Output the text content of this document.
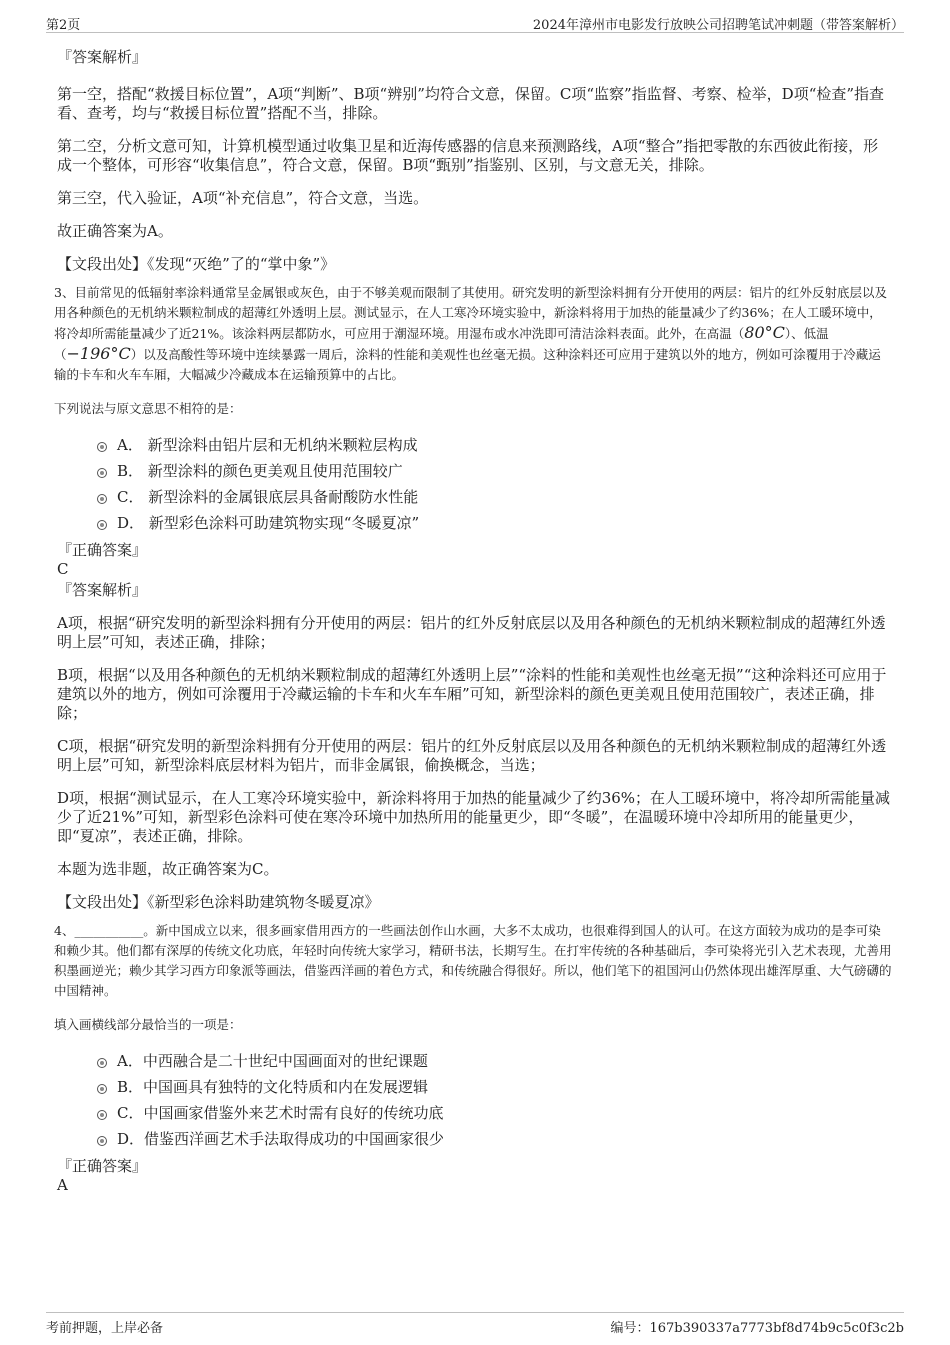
第2页	2024年漳州市电影发行放映公司招聘笔试冲刺题（带答案解析）

『答案解析』

第一空，搭配“救援目标位置”，A项“判断”、B项“辨别”均符合文意，保留。C项“监察”指监督、考察、检举，D项“检查”指查看、查考，均与“救援目标位置”搭配不当，排除。

第二空，分析文意可知，计算机模型通过收集卫星和近海传感器的信息来预测路线，A项“整合”指把零散的东西彼此衔接，形成一个整体，可形容“收集信息”，符合文意，保留。B项“甄别”指鉴别、区别，与文意无关，排除。

第三空，代入验证，A项“补充信息”，符合文意，当选。

故正确答案为A。

【文段出处】《发现“灭绝”了的“掌中象”》

3、目前常见的低辐射率涂料通常呈金属银或灰色，由于不够美观而限制了其使用。研究发明的新型涂料拥有分开使用的两层：铝片的红外反射底层以及用各种颜色的无机纳米颗粒制成的超薄红外透明上层。测试显示，在人工寒冷环境实验中，新涂料将用于加热的能量减少了约36%；在人工暖环境中，将冷却所需能量减少了近21%。该涂料两层都防水，可应用于潮湿环境。用湿布或水冲洗即可清洁涂料表面。此外，在高温（80°C）、低温（−196°C）以及高酸性等环境中连续暴露一周后，涂料的性能和美观性也丝毫无损。这种涂料还可应用于建筑以外的地方，例如可涂覆用于冷藏运输的卡车和火车车厢，大幅减少冷藏成本在运输预算中的占比。

下列说法与原文意思不相符的是：

A． 新型涂料由铝片层和无机纳米颗粒层构成
B． 新型涂料的颜色更美观且使用范围较广
C． 新型涂料的金属银底层具备耐酸防水性能
D． 新型彩色涂料可助建筑物实现“冬暖夏凉”

『正确答案』

C

『答案解析』

A项，根据“研究发明的新型涂料拥有分开使用的两层：铝片的红外反射底层以及用各种颜色的无机纳米颗粒制成的超薄红外透明上层”可知，表述正确，排除；

B项，根据“以及用各种颜色的无机纳米颗粒制成的超薄红外透明上层”“涂料的性能和美观性也丝毫无损”“这种涂料还可应用于建筑以外的地方，例如可涂覆用于冷藏运输的卡车和火车车厢”可知，新型涂料的颜色更美观且使用范围较广，表述正确，排除；

C项，根据“研究发明的新型涂料拥有分开使用的两层：铝片的红外反射底层以及用各种颜色的无机纳米颗粒制成的超薄红外透明上层”可知，新型涂料底层材料为铝片，而非金属银，偷换概念，当选；

D项，根据“测试显示，在人工寒冷环境实验中，新涂料将用于加热的能量减少了约36%；在人工暖环境中，将冷却所需能量减少了近21%”可知，新型彩色涂料可使在寒冷环境中加热所用的能量更少，即“冬暖”，在温暖环境中冷却所用的能量更少，即“夏凉”，表述正确，排除。

本题为选非题，故正确答案为C。

【文段出处】《新型彩色涂料助建筑物冬暖夏凉》

4、___________。新中国成立以来，很多画家借用西方的一些画法创作山水画，大多不太成功，也很难得到国人的认可。在这方面较为成功的是李可染和赖少其。他们都有深厚的传统文化功底，年轻时向传统大家学习，精研书法，长期写生。在打牢传统的各种基础后，李可染将光引入艺术表现，尤善用积墨画逆光；赖少其学习西方印象派等画法，借鉴西洋画的着色方式，和传统融合得很好。所以，他们笔下的祖国河山仍然体现出雄浑厚重、大气磅礴的中国精神。

填入画横线部分最恰当的一项是：

A．中西融合是二十世纪中国画面对的世纪课题
B．中国画具有独特的文化特质和内在发展逻辑
C．中国画家借鉴外来艺术时需有良好的传统功底
D．借鉴西洋画艺术手法取得成功的中国画家很少

『正确答案』

A

考前押题，上岸必备	编号：167b390337a7773bf8d74b9c5c0f3c2b
